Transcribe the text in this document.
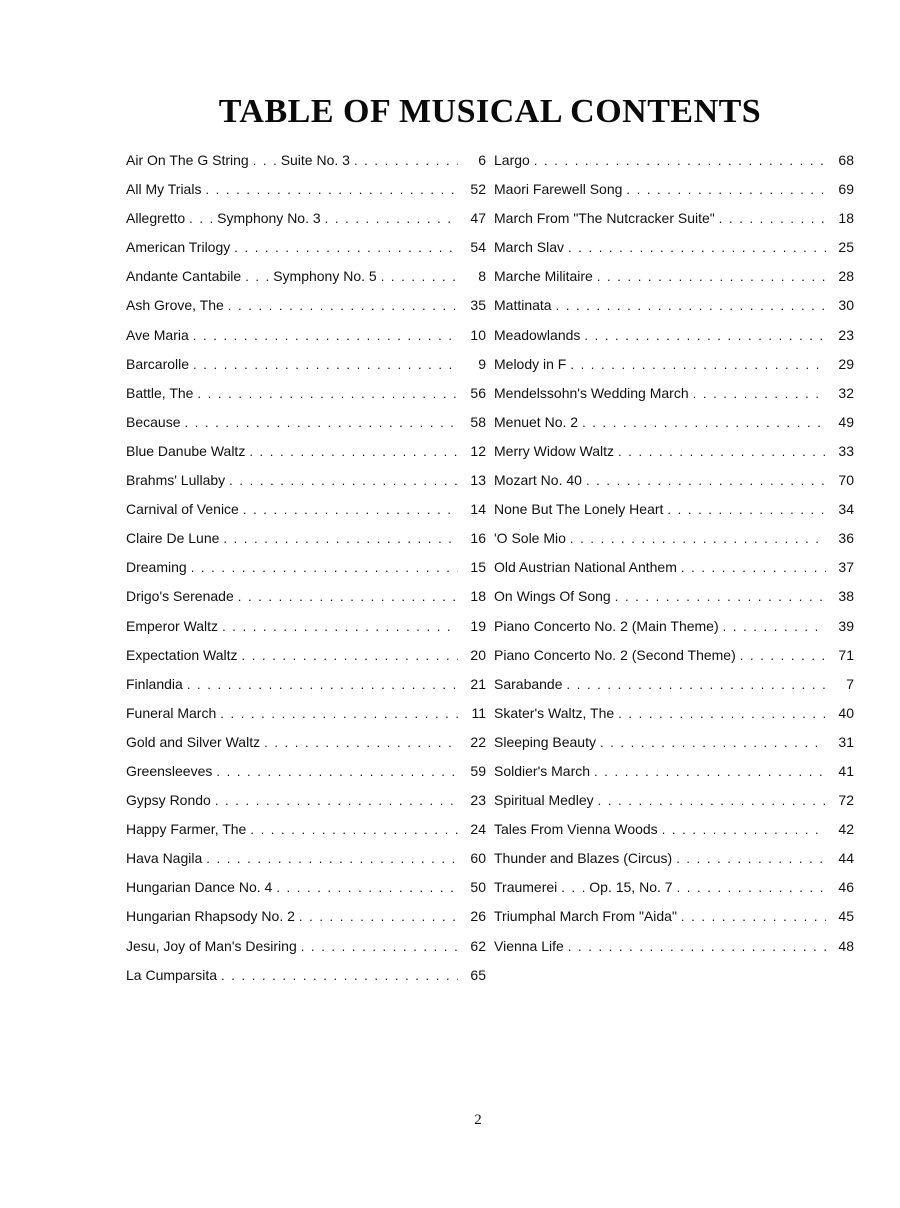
TABLE OF MUSICAL CONTENTS
Air On The G String . . . Suite No. 3 . . .	6
All My Trials . . .	52
Allegretto . . . Symphony No. 3 . . .	47
American Trilogy . . .	54
Andante Cantabile . . . Symphony No. 5 . . .	8
Ash Grove, The . . .	35
Ave Maria . . .	10
Barcarolle . . .	9
Battle, The . . .	56
Because . . .	58
Blue Danube Waltz . . .	12
Brahms' Lullaby . . .	13
Carnival of Venice . . .	14
Claire De Lune . . .	16
Dreaming . . .	15
Drigo's Serenade . . .	18
Emperor Waltz . . .	19
Expectation Waltz . . .	20
Finlandia . . .	21
Funeral March . . .	11
Gold and Silver Waltz . . .	22
Greensleeves . . .	59
Gypsy Rondo . . .	23
Happy Farmer, The . . .	24
Hava Nagila . . .	60
Hungarian Dance No. 4 . . .	50
Hungarian Rhapsody No. 2 . . .	26
Jesu, Joy of Man's Desiring . . .	62
La Cumparsita . . .	65
Largo . . .	68
Maori Farewell Song . . .	69
March From "The Nutcracker Suite" . . .	18
March Slav . . .	25
Marche Militaire . . .	28
Mattinata . . .	30
Meadowlands . . .	23
Melody in F . . .	29
Mendelssohn's Wedding March . . .	32
Menuet No. 2 . . .	49
Merry Widow Waltz . . .	33
Mozart No. 40 . . .	70
None But The Lonely Heart . . .	34
'O Sole Mio . . .	36
Old Austrian National Anthem . . .	37
On Wings Of Song . . .	38
Piano Concerto No. 2 (Main Theme) . . .	39
Piano Concerto No. 2 (Second Theme) . . .	71
Sarabande . . .	7
Skater's Waltz, The . . .	40
Sleeping Beauty . . .	31
Soldier's March . . .	41
Spiritual Medley . . .	72
Tales From Vienna Woods . . .	42
Thunder and Blazes (Circus) . . .	44
Traumerei . . . Op. 15, No. 7 . . .	46
Triumphal March From "Aida" . . .	45
Vienna Life . . .	48
2
